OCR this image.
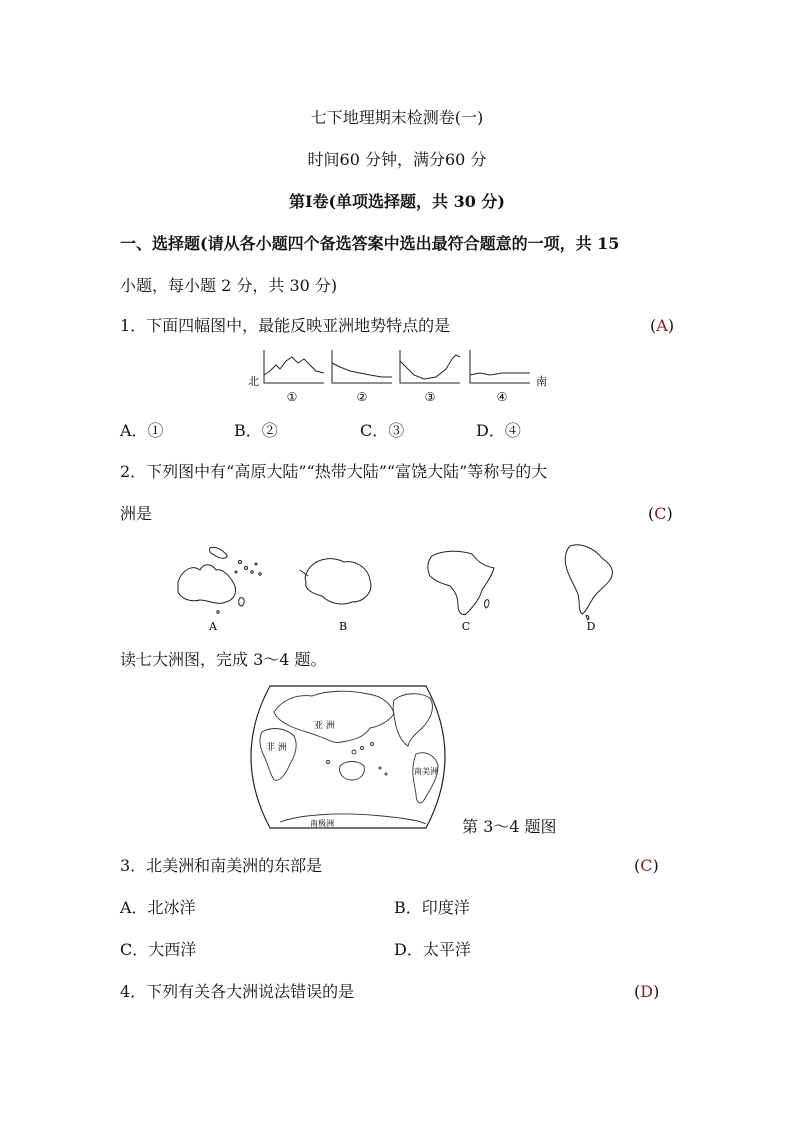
七下地理期末检测卷(一)
时间60 分钟，满分60 分
第Ⅰ卷(单项选择题，共 30 分)
一、选择题(请从各小题四个备选答案中选出最符合题意的一项，共 15
小题，每小题 2 分，共 30 分)
1．下面四幅图中，最能反映亚洲地势特点的是	(A)
北	南
①	②	③	④
A．①	B．②	C．③	D．④
2．下列图中有“高原大陆”“热带大陆”“富饶大陆”等称号的大
洲是	(C)
A	B	C	D
读七大洲图，完成 3～4 题。
亚 洲
非 洲
南美洲
南极洲	第 3～4 题图
3．北美洲和南美洲的东部是	(C)
A．北冰洋	B．印度洋
C．大西洋	D．太平洋
4．下列有关各大洲说法错误的是	(D)
